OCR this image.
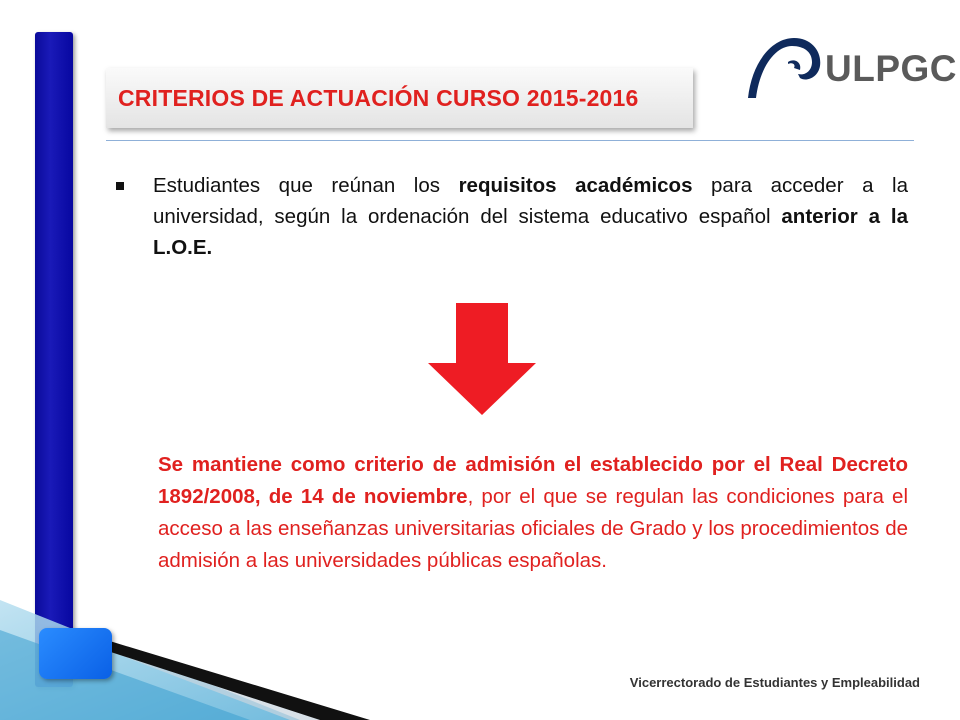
CRITERIOS DE ACTUACIÓN CURSO 2015-2016
ULPGC
Estudiantes que reúnan los requisitos académicos para acceder a la universidad, según la ordenación del sistema educativo español anterior a la L.O.E.
Se mantiene como criterio de admisión el establecido por el Real Decreto 1892/2008, de 14 de noviembre, por el que se regulan las condiciones para el acceso a las enseñanzas universitarias oficiales de Grado y los procedimientos de admisión a las universidades públicas españolas.
Vicerrectorado de Estudiantes y Empleabilidad
